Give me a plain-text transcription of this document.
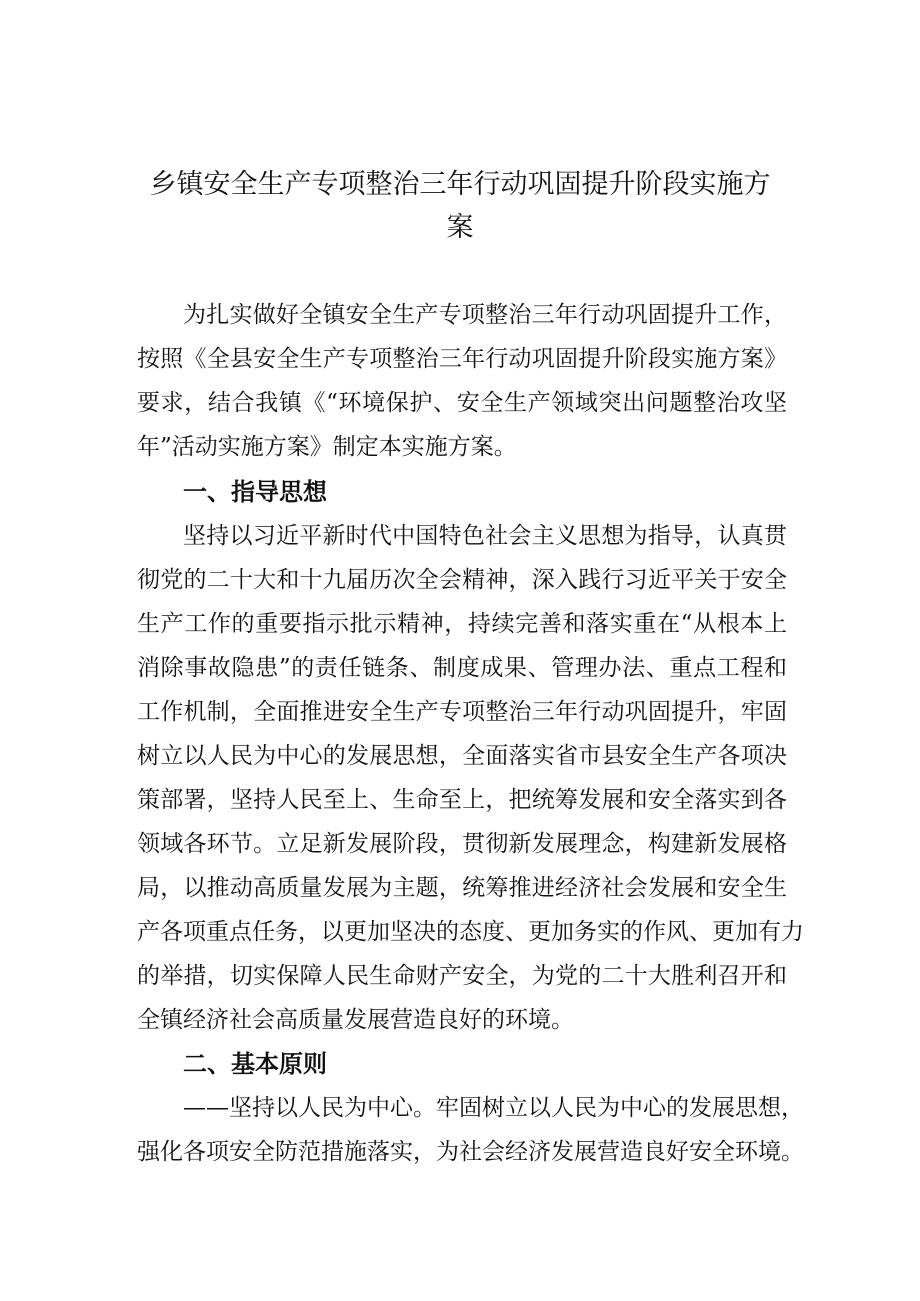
乡镇安全生产专项整治三年行动巩固提升阶段实施方
案

为扎实做好全镇安全生产专项整治三年行动巩固提升工作，

按照《全县安全生产专项整治三年行动巩固提升阶段实施方案》

要求，结合我镇《“环境保护、安全生产领域突出问题整治攻坚

年”活动实施方案》制定本实施方案。

一、指导思想

坚持以习近平新时代中国特色社会主义思想为指导，认真贯

彻党的二十大和十九届历次全会精神，深入践行习近平关于安全

生产工作的重要指示批示精神，持续完善和落实重在“从根本上

消除事故隐患”的责任链条、制度成果、管理办法、重点工程和

工作机制，全面推进安全生产专项整治三年行动巩固提升，牢固

树立以人民为中心的发展思想，全面落实省市县安全生产各项决

策部署，坚持人民至上、生命至上，把统筹发展和安全落实到各

领域各环节。立足新发展阶段，贯彻新发展理念，构建新发展格

局，以推动高质量发展为主题，统筹推进经济社会发展和安全生

产各项重点任务，以更加坚决的态度、更加务实的作风、更加有力

的举措，切实保障人民生命财产安全，为党的二十大胜利召开和

全镇经济社会高质量发展营造良好的环境。

二、基本原则

——坚持以人民为中心。牢固树立以人民为中心的发展思想，

强化各项安全防范措施落实，为社会经济发展营造良好安全环境。
